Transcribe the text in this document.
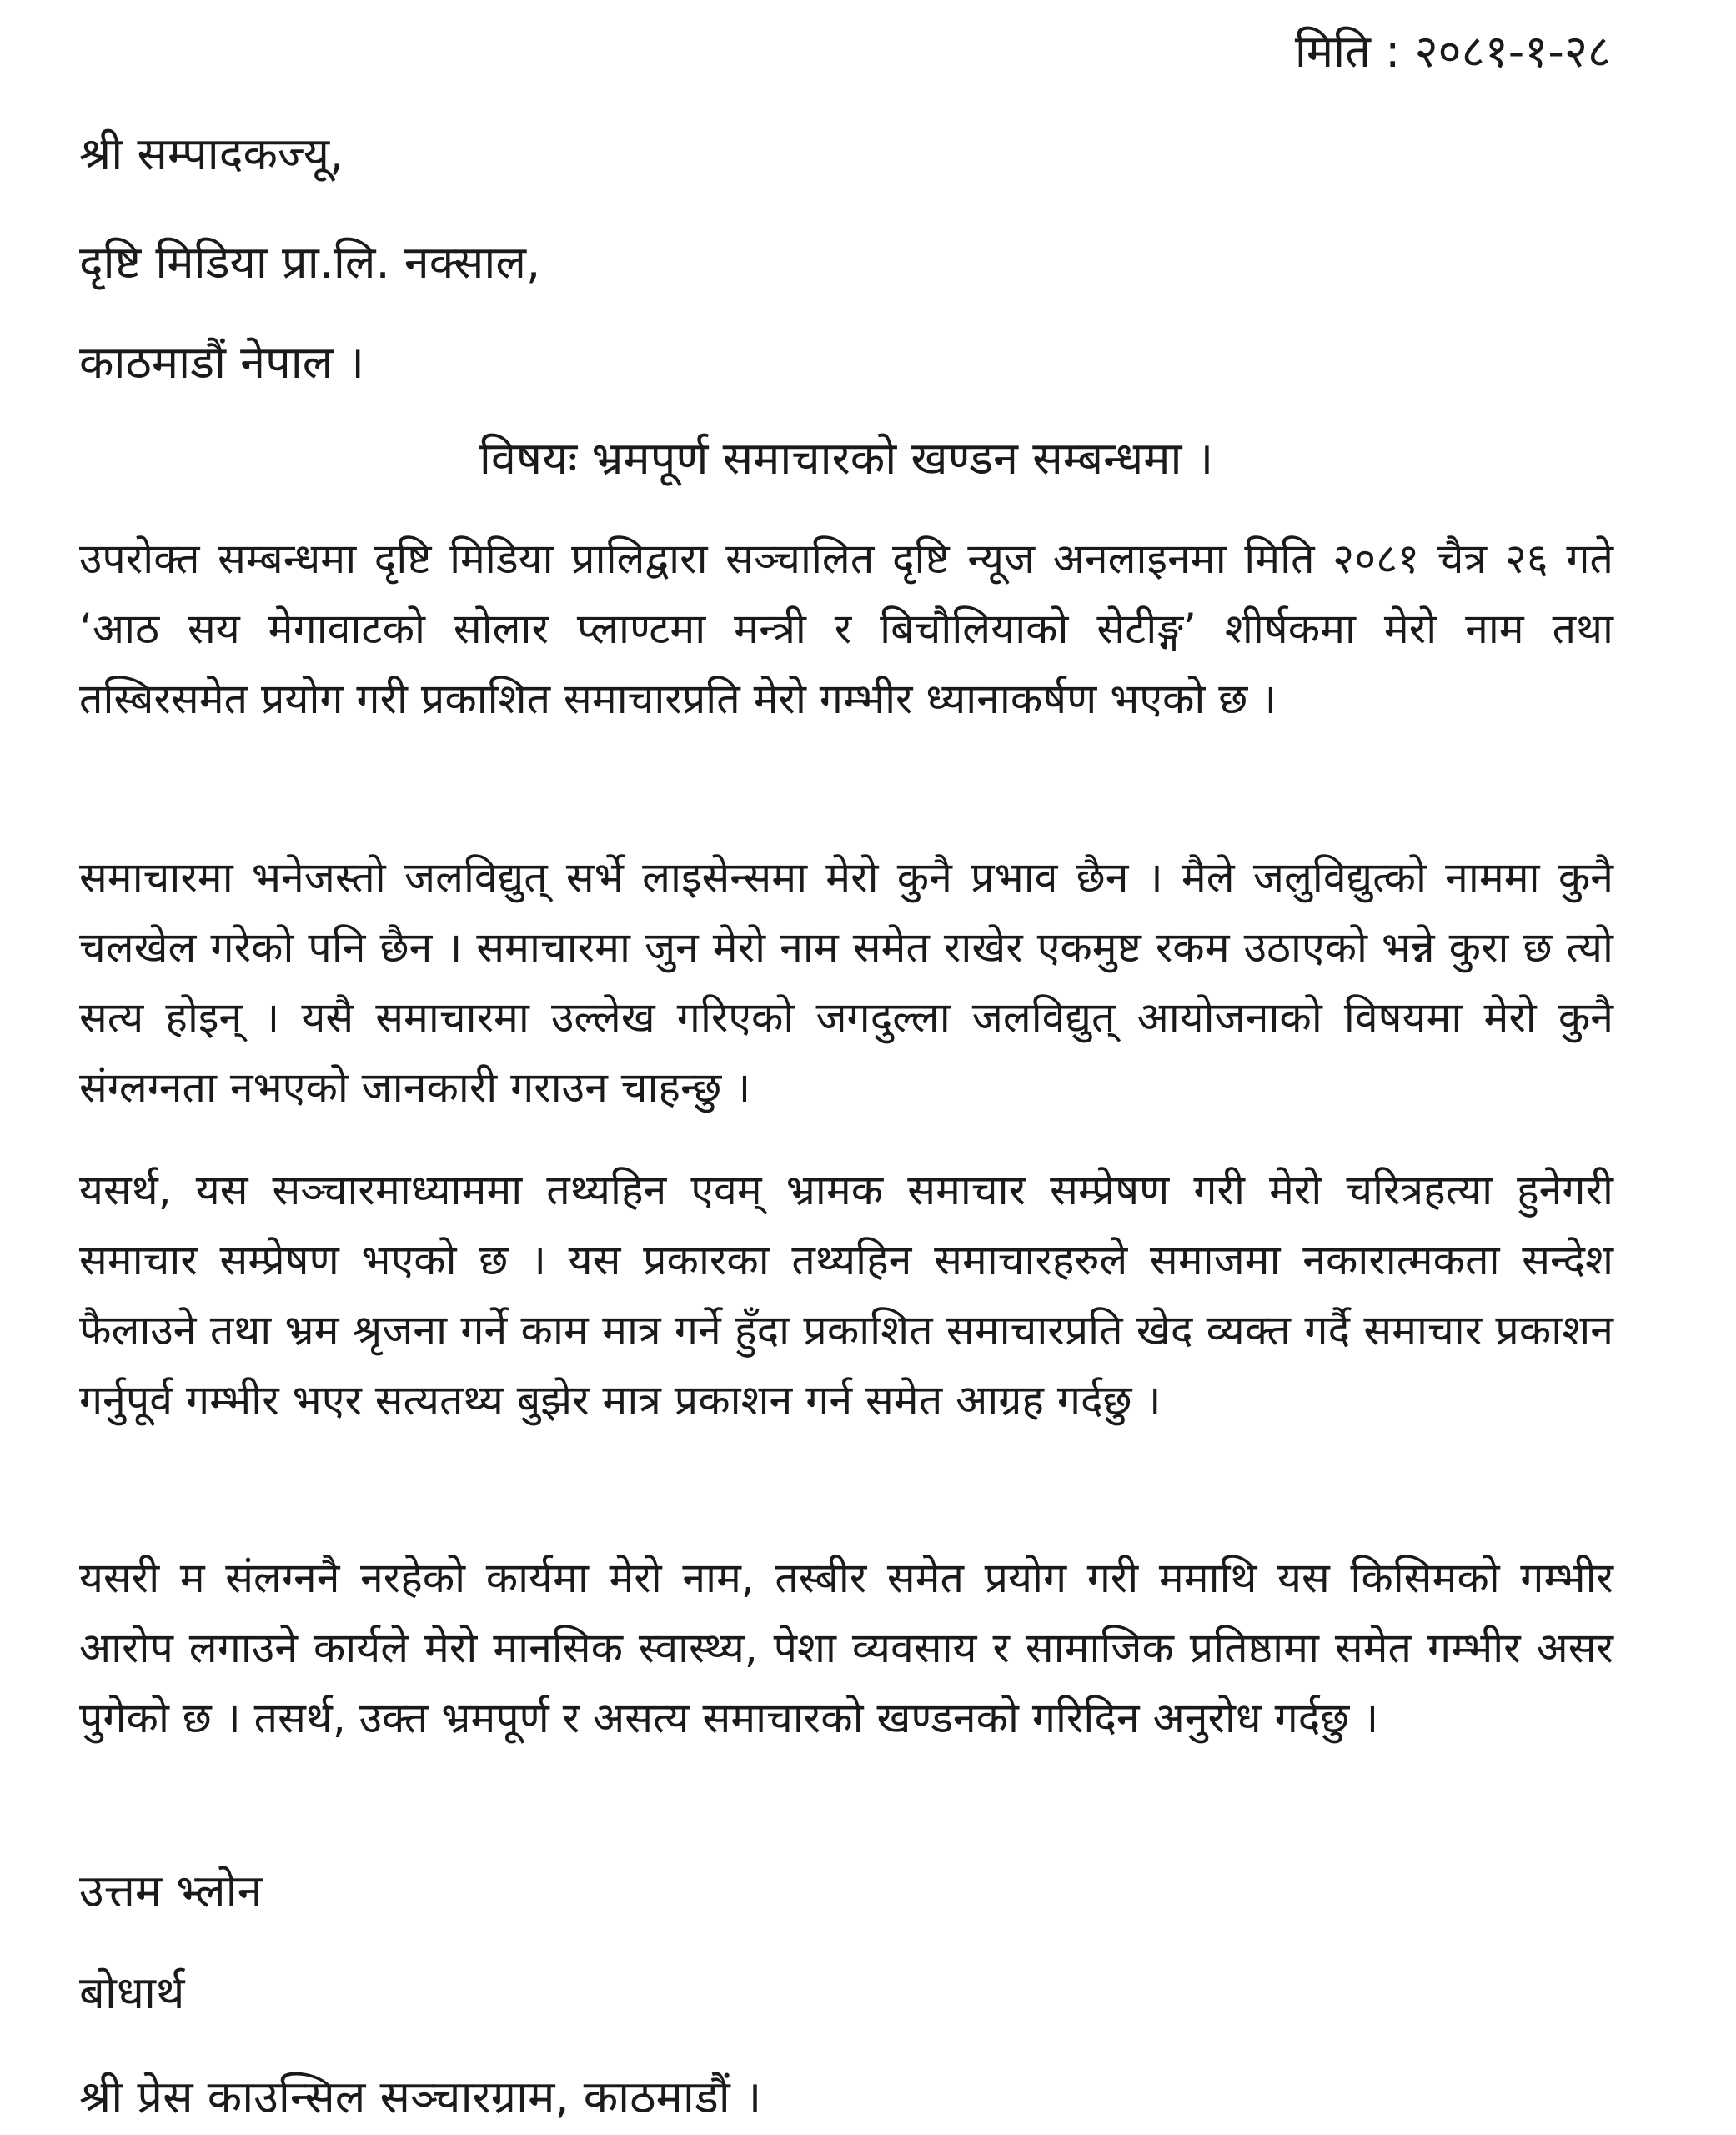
मिति : २०८१-१-२८
श्री सम्पादकज्यू,
दृष्टि मिडिया प्रा.लि. नक्साल,
काठमाडौं नेपाल ।
विषयः भ्रमपूर्ण समाचारको खण्डन सम्बन्धमा ।
उपरोक्त सम्बन्धमा दृष्टि मिडिया प्रालिद्वारा सञ्चालित दृष्टि न्यूज अनलाइनमा मिति २०८१ चैत्र २६ गते ‘आठ सय मेगावाटको सोलार प्लाण्टमा मन्त्री र बिचौलियाको सेटीङ्ग’ शीर्षकमा मेरो नाम तथा तस्बिरसमेत प्रयोग गरी प्रकाशित समाचारप्रति मेरो गम्भीर ध्यानाकर्षण भएको छ ।
समाचारमा भनेजस्तो जलविद्युत् सर्भे लाइसेन्समा मेरो कुनै प्रभाव छैन । मैले जलुविद्युत्को नाममा कुनै चलखेल गरेको पनि छैन । समाचारमा जुन मेरो नाम समेत राखेर एकमुष्ट रकम उठाएको भन्ने कुरा छ त्यो सत्य होइन् । यसै समाचारमा उल्लेख गरिएको जगदुल्ला जलविद्युत् आयोजनाको विषयमा मेरो कुनै संग्लग्नता नभएको जानकारी गराउन चाहन्छु ।
यसर्थ, यस सञ्चारमाध्याममा तथ्यहिन एवम् भ्रामक समाचार सम्प्रेषण गरी मेरो चरित्रहत्या हुनेगरी समाचार सम्प्रेषण भएको छ । यस प्रकारका तथ्यहिन समाचारहरुले समाजमा नकारात्मकता सन्देश फैलाउने तथा भ्रम श्रृजना गर्ने काम मात्र गर्ने हुँदा प्रकाशित समाचारप्रति खेद व्यक्त गर्दै समाचार प्रकाशन गर्नुपूर्व गम्भीर भएर सत्यतथ्य बुझेर मात्र प्रकाशन गर्न समेत आग्रह गर्दछु ।
यसरी म संलग्ननै नरहेको कार्यमा मेरो नाम, तस्बीर समेत प्रयोग गरी ममाथि यस किसिमको गम्भीर आरोप लगाउने कार्यले मेरो मानसिक स्वास्थ्य, पेशा व्यवसाय र सामाजिक प्रतिष्ठामा समेत गम्भीर असर पुगेको छ । तसर्थ, उक्त भ्रमपूर्ण र असत्य समाचारको खण्डनको गरिदिन अनुरोध गर्दछु ।
उत्तम भ्लोन
बोधार्थ
श्री प्रेस काउन्सिल सञ्चारग्राम, काठमाडौं ।
